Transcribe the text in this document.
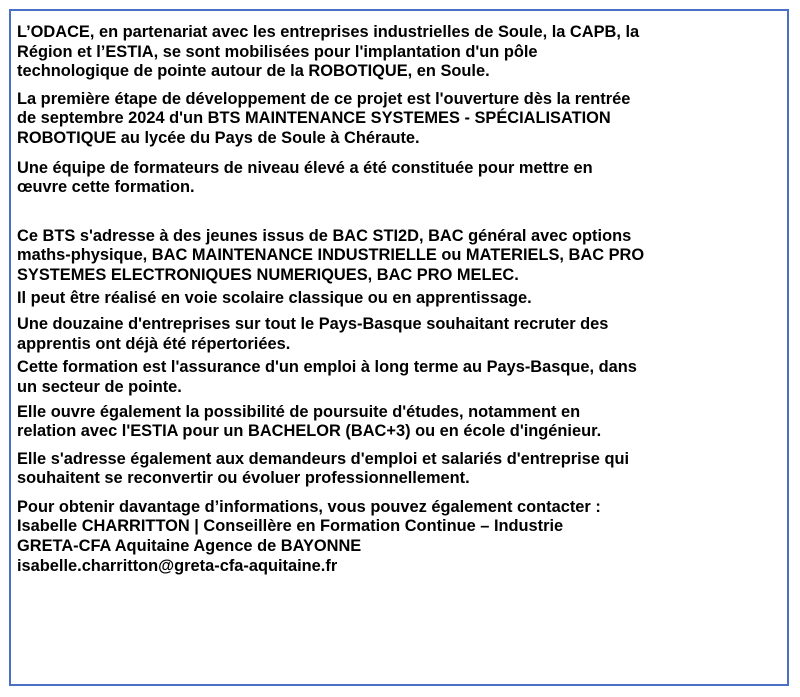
L’ODACE, en partenariat avec les entreprises industrielles de Soule, la CAPB, la
Région et l’ESTIA, se sont mobilisées pour l'implantation d'un pôle
technologique de pointe autour de la ROBOTIQUE, en Soule.

La première étape de développement de ce projet est l'ouverture dès la rentrée
de septembre 2024 d'un BTS MAINTENANCE SYSTEMES - SPÉCIALISATION
ROBOTIQUE au lycée du Pays de Soule à Chéraute.

Une équipe de formateurs de niveau élevé a été constituée pour mettre en
œuvre cette formation.

Ce BTS s'adresse à des jeunes issus de BAC STI2D, BAC général avec options
maths-physique, BAC MAINTENANCE INDUSTRIELLE ou MATERIELS, BAC PRO
SYSTEMES ELECTRONIQUES NUMERIQUES, BAC PRO MELEC.

Il peut être réalisé en voie scolaire classique ou en apprentissage.

Une douzaine d'entreprises sur tout le Pays-Basque souhaitant recruter des
apprentis ont déjà été répertoriées.

Cette formation est l'assurance d'un emploi à long terme au Pays-Basque, dans
un secteur de pointe.

Elle ouvre également la possibilité de poursuite d'études, notamment en
relation avec l'ESTIA pour un BACHELOR (BAC+3) ou en école d'ingénieur.

Elle s'adresse également aux demandeurs d'emploi et salariés d'entreprise qui
souhaitent se reconvertir ou évoluer professionnellement.

Pour obtenir davantage d’informations, vous pouvez également contacter :
Isabelle CHARRITTON | Conseillère en Formation Continue – Industrie
GRETA-CFA Aquitaine Agence de BAYONNE
isabelle.charritton@greta-cfa-aquitaine.fr
